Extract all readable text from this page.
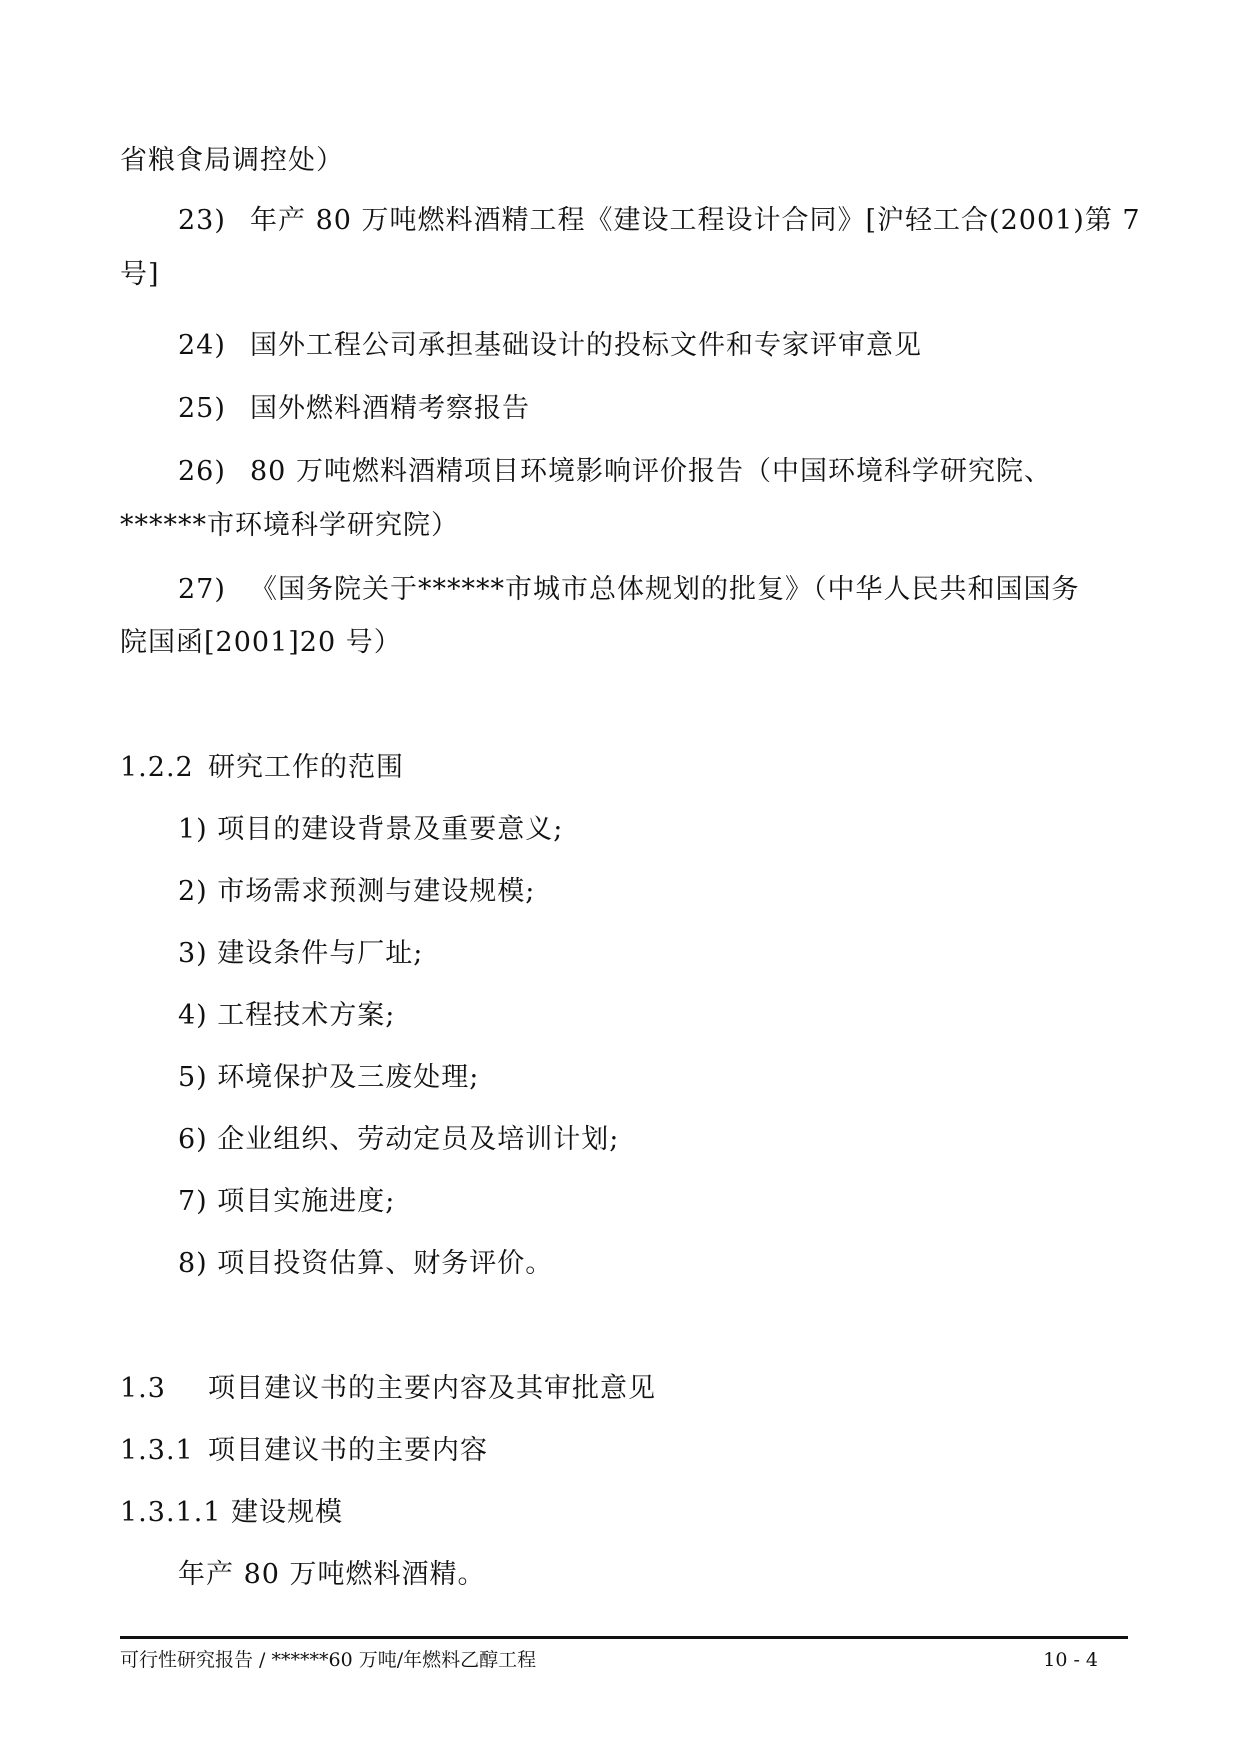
省粮食局调控处）
23) 年产 80 万吨燃料酒精工程《建设工程设计合同》[沪轻工合(2001)第 7
号]
24) 国外工程公司承担基础设计的投标文件和专家评审意见
25) 国外燃料酒精考察报告
26) 80 万吨燃料酒精项目环境影响评价报告（中国环境科学研究院、
******市环境科学研究院）
27) 《国务院关于******市城市总体规划的批复》（中华人民共和国国务
院国函[2001]20 号）
1.2.2 研究工作的范围
1) 项目的建设背景及重要意义;
2) 市场需求预测与建设规模;
3) 建设条件与厂址;
4) 工程技术方案;
5) 环境保护及三废处理;
6) 企业组织、劳动定员及培训计划;
7) 项目实施进度;
8) 项目投资估算、财务评价。
1.3 项目建议书的主要内容及其审批意见
1.3.1 项目建议书的主要内容
1.3.1.1 建设规模
年产 80 万吨燃料酒精。
可行性研究报告 / ******60 万吨/年燃料乙醇工程	10 - 4
